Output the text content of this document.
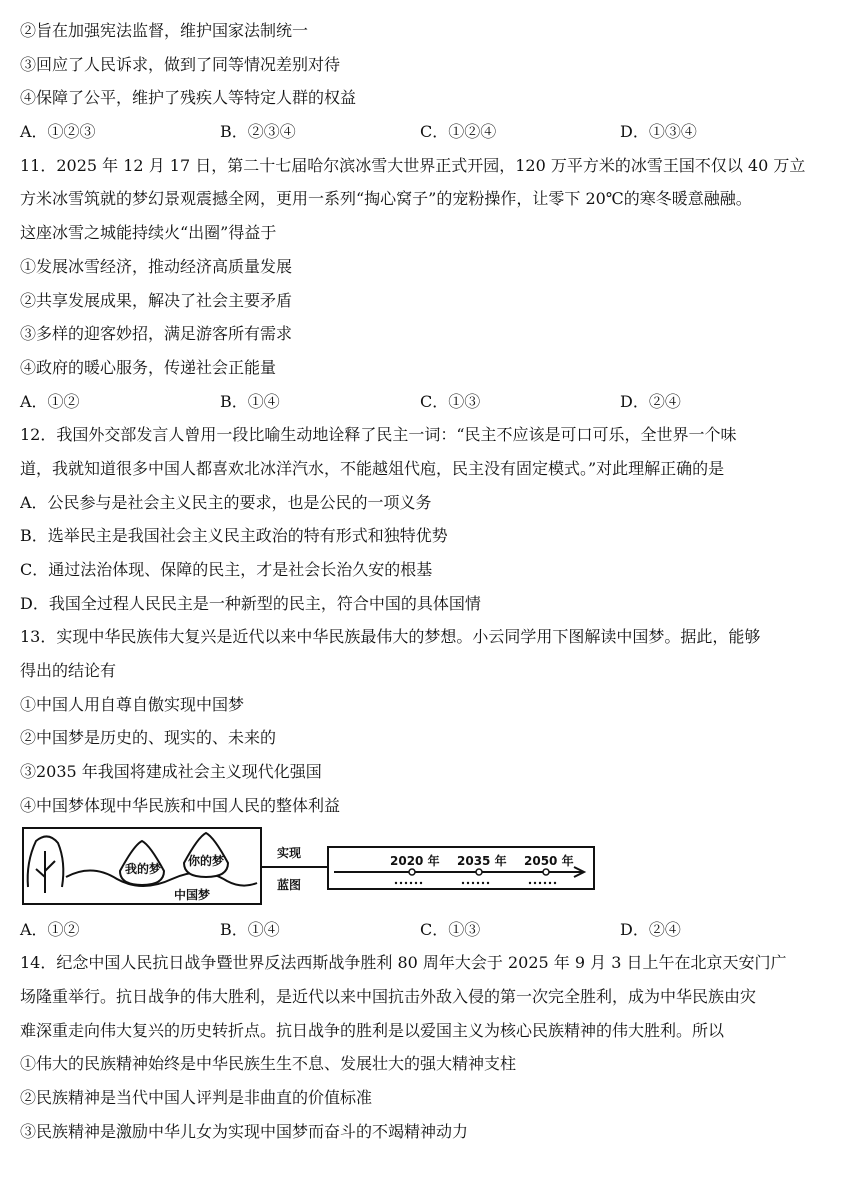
②旨在加强宪法监督，维护国家法制统一
③回应了人民诉求，做到了同等情况差别对待
④保障了公平，维护了残疾人等特定人群的权益
A．①②③	B．②③④	C．①②④	D．①③④
11．2025 年 12 月 17 日，第二十七届哈尔滨冰雪大世界正式开园，120 万平方米的冰雪王国不仅以 40 万立
方米冰雪筑就的梦幻景观震撼全网，更用一系列“掏心窝子”的宠粉操作，让零下 20℃的寒冬暖意融融。
这座冰雪之城能持续火“出圈”得益于
①发展冰雪经济，推动经济高质量发展
②共享发展成果，解决了社会主要矛盾
③多样的迎客妙招，满足游客所有需求
④政府的暖心服务，传递社会正能量
A．①②	B．①④	C．①③	D．②④
12．我国外交部发言人曾用一段比喻生动地诠释了民主一词：“民主不应该是可口可乐，全世界一个味
道，我就知道很多中国人都喜欢北冰洋汽水，不能越俎代庖，民主没有固定模式。”对此理解正确的是
A．公民参与是社会主义民主的要求，也是公民的一项义务
B．选举民主是我国社会主义民主政治的特有形式和独特优势
C．通过法治体现、保障的民主，才是社会长治久安的根基
D．我国全过程人民民主是一种新型的民主，符合中国的具体国情
13．实现中华民族伟大复兴是近代以来中华民族最伟大的梦想。小云同学用下图解读中国梦。据此，能够
得出的结论有
①中国人用自尊自傲实现中国梦
②中国梦是历史的、现实的、未来的
③2035 年我国将建成社会主义现代化强国
④中国梦体现中华民族和中国人民的整体利益
我的梦
你的梦
中国梦
实现
蓝图
2020 年 2035 年 2050 年
A．①②	B．①④	C．①③	D．②④
14．纪念中国人民抗日战争暨世界反法西斯战争胜利 80 周年大会于 2025 年 9 月 3 日上午在北京天安门广
场隆重举行。抗日战争的伟大胜利，是近代以来中国抗击外敌入侵的第一次完全胜利，成为中华民族由灾
难深重走向伟大复兴的历史转折点。抗日战争的胜利是以爱国主义为核心民族精神的伟大胜利。所以
①伟大的民族精神始终是中华民族生生不息、发展壮大的强大精神支柱
②民族精神是当代中国人评判是非曲直的价值标准
③民族精神是激励中华儿女为实现中国梦而奋斗的不竭精神动力
